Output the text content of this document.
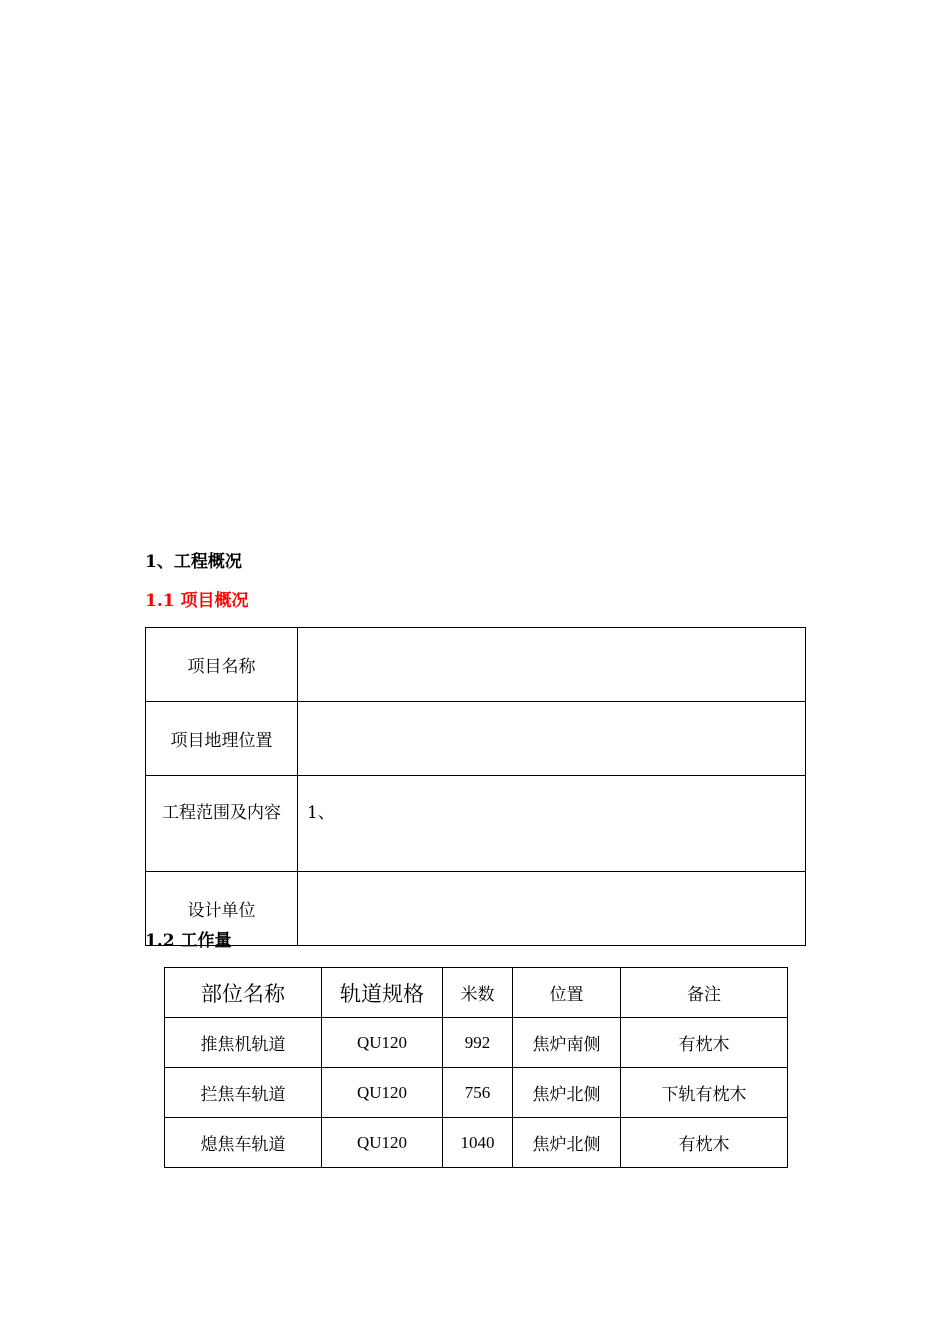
1、工程概况
1.1 项目概况
项目名称	
项目地理位置	
工程范围及内容	1、
设计单位	
1.2 工作量
部位名称	轨道规格	米数	位置	备注
推焦机轨道	QU120	992	焦炉南侧	有枕木
拦焦车轨道	QU120	756	焦炉北侧	下轨有枕木
熄焦车轨道	QU120	1040	焦炉北侧	有枕木
